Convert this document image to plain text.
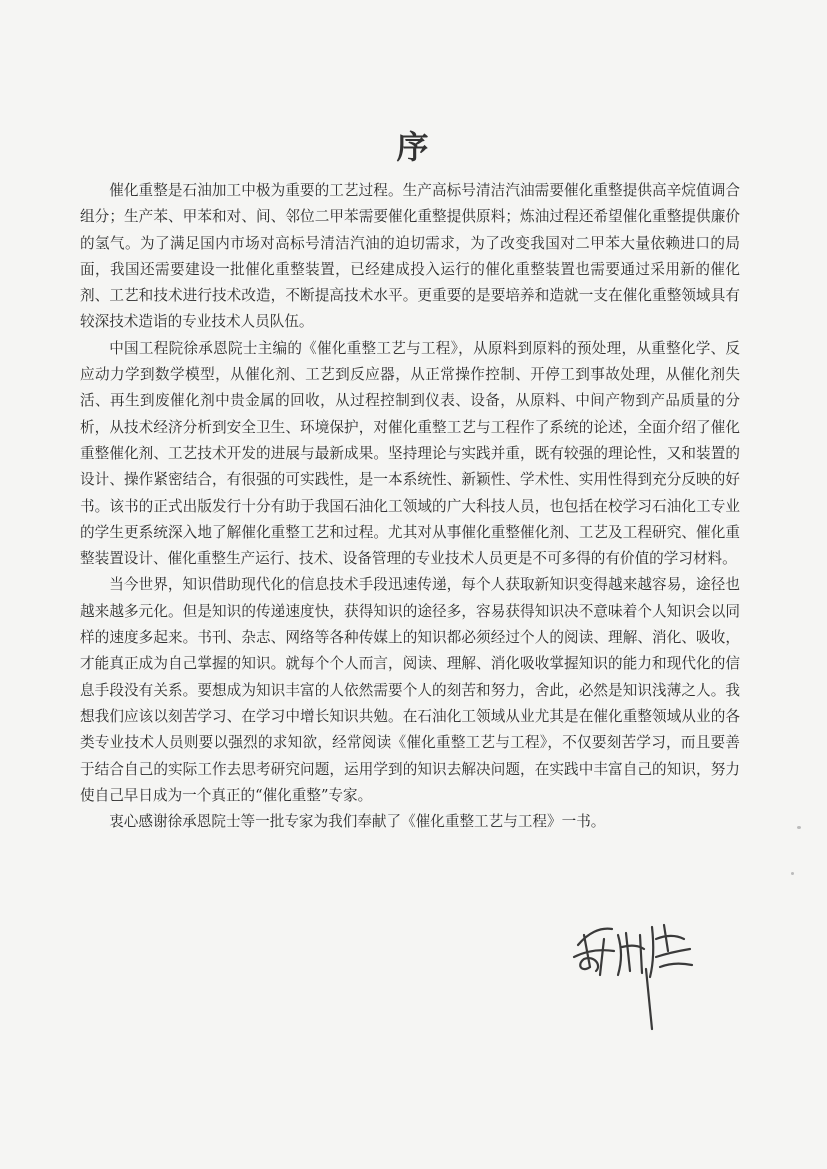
序

催化重整是石油加工中极为重要的工艺过程。生产高标号清洁汽油需要催化重整提供高辛烷值调合组分；生产苯、甲苯和对、间、邻位二甲苯需要催化重整提供原料；炼油过程还希望催化重整提供廉价的氢气。为了满足国内市场对高标号清洁汽油的迫切需求，为了改变我国对二甲苯大量依赖进口的局面，我国还需要建设一批催化重整装置，已经建成投入运行的催化重整装置也需要通过采用新的催化剂、工艺和技术进行技术改造，不断提高技术水平。更重要的是要培养和造就一支在催化重整领域具有较深技术造诣的专业技术人员队伍。

中国工程院徐承恩院士主编的《催化重整工艺与工程》，从原料到原料的预处理，从重整化学、反应动力学到数学模型，从催化剂、工艺到反应器，从正常操作控制、开停工到事故处理，从催化剂失活、再生到废催化剂中贵金属的回收，从过程控制到仪表、设备，从原料、中间产物到产品质量的分析，从技术经济分析到安全卫生、环境保护，对催化重整工艺与工程作了系统的论述，全面介绍了催化重整催化剂、工艺技术开发的进展与最新成果。坚持理论与实践并重，既有较强的理论性，又和装置的设计、操作紧密结合，有很强的可实践性，是一本系统性、新颖性、学术性、实用性得到充分反映的好书。该书的正式出版发行十分有助于我国石油化工领域的广大科技人员，也包括在校学习石油化工专业的学生更系统深入地了解催化重整工艺和过程。尤其对从事催化重整催化剂、工艺及工程研究、催化重整装置设计、催化重整生产运行、技术、设备管理的专业技术人员更是不可多得的有价值的学习材料。

当今世界，知识借助现代化的信息技术手段迅速传递，每个人获取新知识变得越来越容易，途径也越来越多元化。但是知识的传递速度快，获得知识的途径多，容易获得知识决不意味着个人知识会以同样的速度多起来。书刊、杂志、网络等各种传媒上的知识都必须经过个人的阅读、理解、消化、吸收，才能真正成为自己掌握的知识。就每个个人而言，阅读、理解、消化吸收掌握知识的能力和现代化的信息手段没有关系。要想成为知识丰富的人依然需要个人的刻苦和努力，舍此，必然是知识浅薄之人。我想我们应该以刻苦学习、在学习中增长知识共勉。在石油化工领域从业尤其是在催化重整领域从业的各类专业技术人员则要以强烈的求知欲，经常阅读《催化重整工艺与工程》，不仅要刻苦学习，而且要善于结合自己的实际工作去思考研究问题，运用学到的知识去解决问题，在实践中丰富自己的知识，努力使自己早日成为一个真正的“催化重整”专家。

衷心感谢徐承恩院士等一批专家为我们奉献了《催化重整工艺与工程》一书。
